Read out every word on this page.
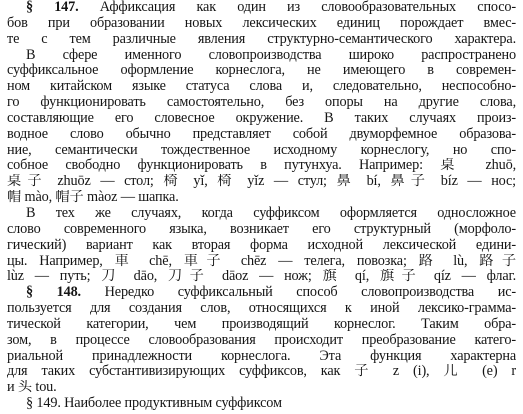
§ 147. Аффиксация как один из словообразовательных спосо-
бов при образовании новых лексических единиц порождает вмес-
те с тем различные явления структурно-семантического характера.
В сфере именного словопроизводства широко распространено
суффиксальное оформление корнеслога, не имеющего в современ-
ном китайском языке статуса слова и, следовательно, неспособно-
го функционировать самостоятельно, без опоры на другие слова,
составляющие его словесное окружение. В таких случаях произ-
водное слово обычно представляет собой двуморфемное образова-
ние, семантически тождественное исходному корнеслогу, но спо-
собное свободно функционировать в путунхуа. Например: 桌 zhuō,
桌子 zhuōz — стол; 椅 yǐ, 椅 yǐz — стул; 鼻 bí, 鼻子 bíz — нос;
帽 mào, 帽子 màoz — шапка.
В тех же случаях, когда суффиксом оформляется односложное
слово современного языка, возникает его структурный (морфоло-
гический) вариант как вторая форма исходной лексической едини-
цы. Например, 車 chē, 車子 chēz — телега, повозка; 路 lù, 路子
lùz — путь; 刀 dāo, 刀子 dāoz — нож; 旗 qí, 旗子 qíz — флаг.
§ 148. Нередко суффиксальный способ словопроизводства ис-
пользуется для создания слов, относящихся к иной лексико-грамма-
тической категории, чем производящий корнеслог. Таким обра-
зом, в процессе словообразования происходит преобразование катего-
риальной принадлежности корнеслога. Эта функция характерна
для таких субстантивизирующих суффиксов, как 子 z (i), 儿 (e) r
и 头 tou.
§ 149. Наиболее продуктивным суффиксом
